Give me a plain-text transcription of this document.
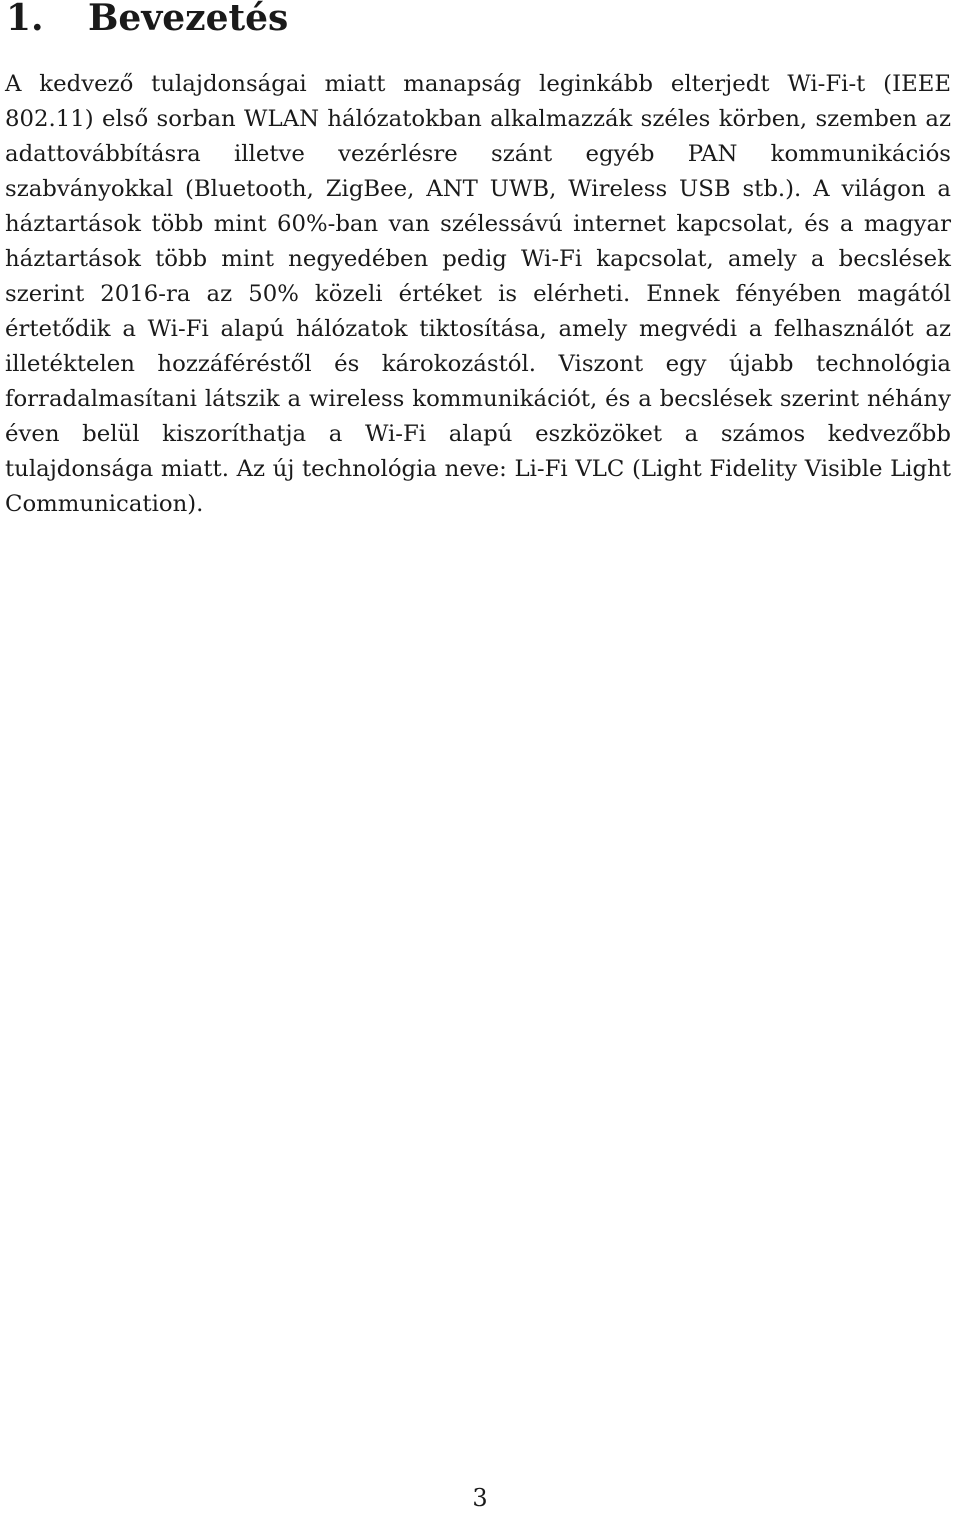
1. Bevezetés

A kedvező tulajdonságai miatt manapság leginkább elterjedt Wi-Fi-t (IEEE 802.11) első sorban WLAN hálózatokban alkalmazzák széles körben, szemben az adattovábbításra illetve vezérlésre szánt egyéb PAN kommunikációs szabványokkal (Bluetooth, ZigBee, ANT UWB, Wireless USB stb.). A világon a háztartások több mint 60%-ban van szélessávú internet kapcsolat, és a magyar háztartások több mint negyedében pedig Wi-Fi kapcsolat, amely a becslések szerint 2016-ra az 50% közeli értéket is elérheti. Ennek fényében magától értetődik a Wi-Fi alapú hálózatok tiktosítása, amely megvédi a felhasználót az illetéktelen hozzáféréstől és károkozástól. Viszont egy újabb technológia forradalmasítani látszik a wireless kommunikációt, és a becslések szerint néhány éven belül kiszoríthatja a Wi-Fi alapú eszközöket a számos kedvezőbb tulajdonsága miatt. Az új technológia neve: Li-Fi VLC (Light Fidelity Visible Light Communication).

3
